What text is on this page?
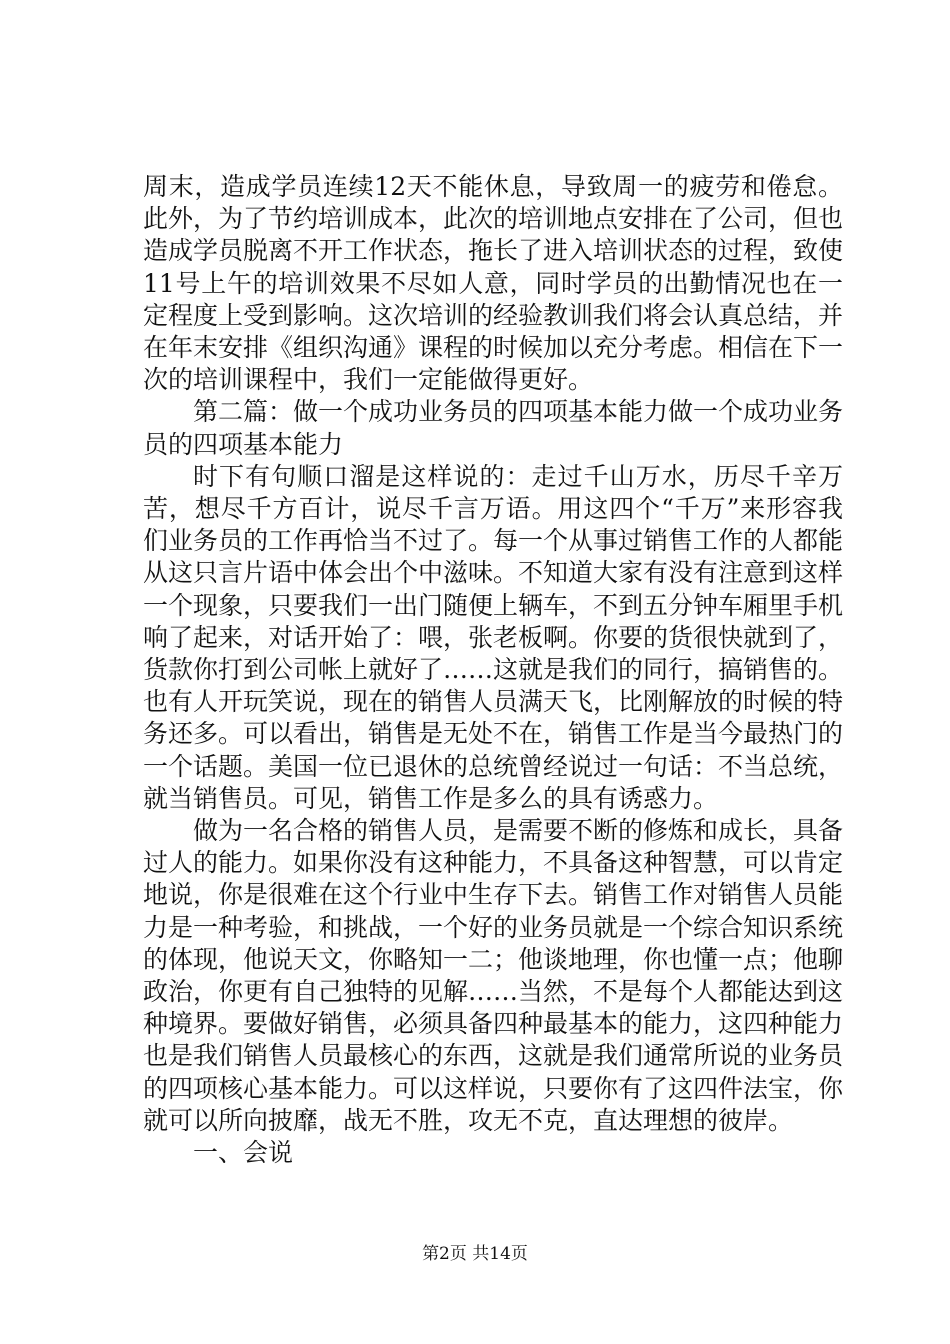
周末，造成学员连续12天不能休息，导致周一的疲劳和倦怠。此外，为了节约培训成本，此次的培训地点安排在了公司，但也造成学员脱离不开工作状态，拖长了进入培训状态的过程，致使11号上午的培训效果不尽如人意，同时学员的出勤情况也在一定程度上受到影响。这次培训的经验教训我们将会认真总结，并在年末安排《组织沟通》课程的时候加以充分考虑。相信在下一次的培训课程中，我们一定能做得更好。

第二篇：做一个成功业务员的四项基本能力做一个成功业务员的四项基本能力

时下有句顺口溜是这样说的：走过千山万水，历尽千辛万苦，想尽千方百计，说尽千言万语。用这四个“千万”来形容我们业务员的工作再恰当不过了。每一个从事过销售工作的人都能从这只言片语中体会出个中滋味。不知道大家有没有注意到这样一个现象，只要我们一出门随便上辆车，不到五分钟车厢里手机响了起来，对话开始了：喂，张老板啊。你要的货很快就到了，货款你打到公司帐上就好了……这就是我们的同行，搞销售的。也有人开玩笑说，现在的销售人员满天飞，比刚解放的时候的特务还多。可以看出，销售是无处不在，销售工作是当今最热门的一个话题。美国一位已退休的总统曾经说过一句话：不当总统，就当销售员。可见，销售工作是多么的具有诱惑力。

做为一名合格的销售人员，是需要不断的修炼和成长，具备过人的能力。如果你没有这种能力，不具备这种智慧，可以肯定地说，你是很难在这个行业中生存下去。销售工作对销售人员能力是一种考验，和挑战，一个好的业务员就是一个综合知识系统的体现，他说天文，你略知一二；他谈地理，你也懂一点；他聊政治，你更有自己独特的见解……当然，不是每个人都能达到这种境界。要做好销售，必须具备四种最基本的能力，这四种能力也是我们销售人员最核心的东西，这就是我们通常所说的业务员的四项核心基本能力。可以这样说，只要你有了这四件法宝，你就可以所向披靡，战无不胜，攻无不克，直达理想的彼岸。

一、会说

第2页 共14页
